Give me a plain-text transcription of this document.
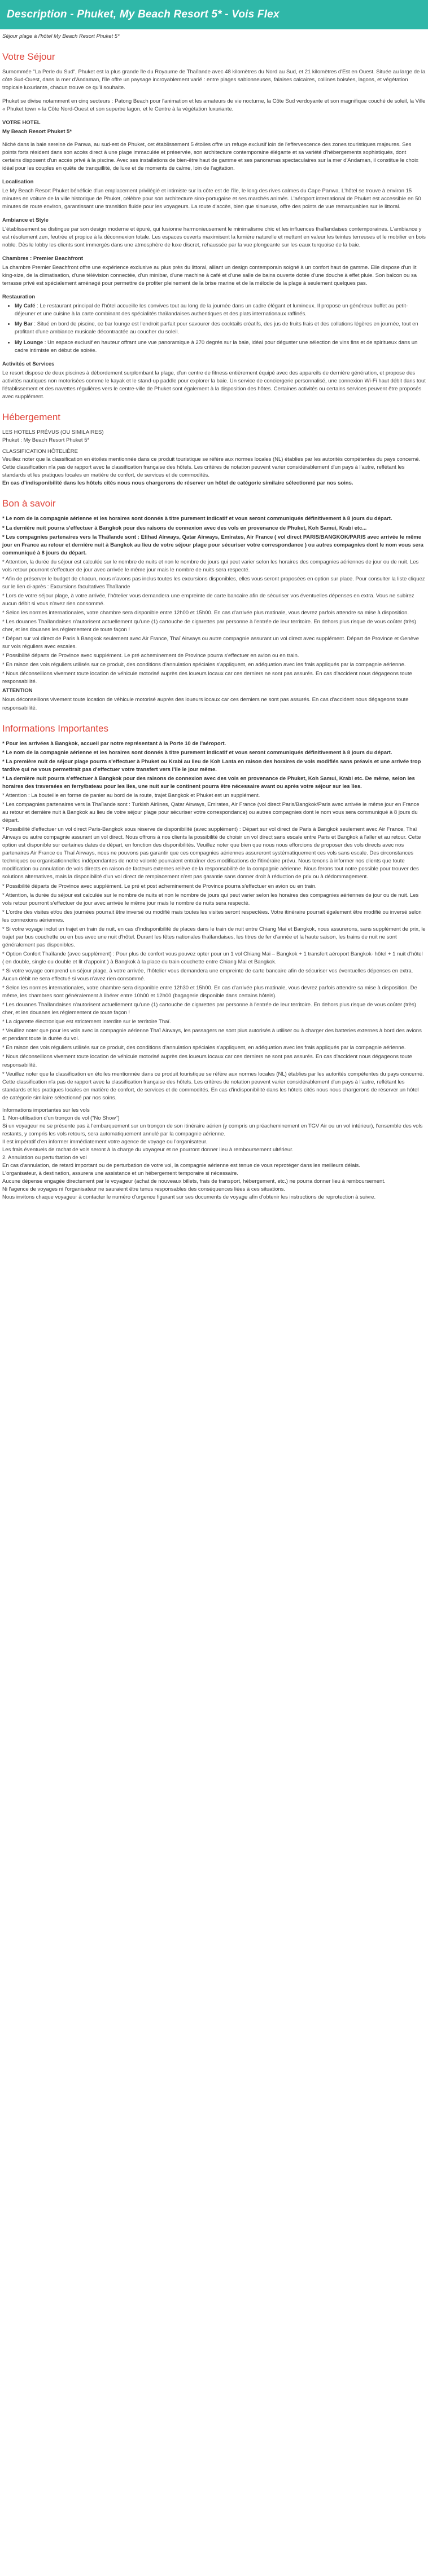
Description - Phuket, My Beach Resort 5* - Vois Flex

Séjour plage à l'hôtel My Beach Resort Phuket 5*

Votre Séjour

Surnommée "La Perle du Sud", Phuket est la plus grande île du Royaume de Thaïlande avec 48 kilomètres du Nord au Sud, et 21 kilomètres d'Est en Ouest. Située au large de la côte Sud-Ouest, dans la mer d'Andaman, l'île offre un paysage incroyablement varié : entre plages sablonneuses, falaises calcaires, collines boisées, lagons, et végétation tropicale luxuriante, chacun trouve ce qu'il souhaite.

Phuket se divise notamment en cinq secteurs : Patong Beach pour l'animation et les amateurs de vie nocturne, la Côte Sud verdoyante et son magnifique couché de soleil, la Ville « Phuket town » la Côte Nord-Ouest et son superbe lagon, et le Centre à la végétation luxuriante.

VOTRE HOTEL
My Beach Resort Phuket 5*

Niché dans la baie sereine de Panwa, au sud-est de Phuket, cet établissement 5 étoiles offre un refuge exclusif loin de l'effervescence des zones touristiques majeures. Ses points forts résident dans son accès direct à une plage immaculée et préservée, son architecture contemporaine élégante et sa variété d'hébergements sophistiqués, dont certains disposent d'un accès privé à la piscine. Avec ses installations de bien-être haut de gamme et ses panoramas spectaculaires sur la mer d'Andaman, il constitue le choix idéal pour les couples en quête de tranquillité, de luxe et de moments de calme, loin de l'agitation.

Localisation

Le My Beach Resort Phuket bénéficie d'un emplacement privilégié et intimiste sur la côte est de l'île, le long des rives calmes du Cape Panwa. L'hôtel se trouve à environ 15 minutes en voiture de la ville historique de Phuket, célèbre pour son architecture sino-portugaise et ses marchés animés. L'aéroport international de Phuket est accessible en 50 minutes de route environ, garantissant une transition fluide pour les voyageurs. La route d'accès, bien que sinueuse, offre des points de vue remarquables sur le littoral.

Ambiance et Style

L'établissement se distingue par son design moderne et épuré, qui fusionne harmonieusement le minimalisme chic et les influences thaïlandaises contemporaines. L'ambiance y est résolument zen, feutrée et propice à la déconnexion totale. Les espaces ouverts maximisent la lumière naturelle et mettent en valeur les teintes terreuses et le mobilier en bois noble. Dès le lobby les clients sont immergés dans une atmosphère de luxe discret, rehaussée par la vue plongeante sur les eaux turquoise de la baie.

Chambres : Premier Beachfront

La chambre Premier Beachfront offre une expérience exclusive au plus près du littoral, alliant un design contemporain soigné à un confort haut de gamme. Elle dispose d'un lit king-size, de la climatisation, d'une télévision connectée, d'un minibar, d'une machine à café et d'une salle de bains ouverte dotée d'une douche à effet pluie. Son balcon ou sa terrasse privé est spécialement aménagé pour permettre de profiter pleinement de la brise marine et de la mélodie de la plage à seulement quelques pas.

Restauration
• My Café : Le restaurant principal de l'hôtel accueille les convives tout au long de la journée dans un cadre élégant et lumineux. Il propose un généreux buffet au petit-déjeuner et une cuisine à la carte combinant des spécialités thaïlandaises authentiques et des plats internationaux raffinés.
• My Bar : Situé en bord de piscine, ce bar lounge est l'endroit parfait pour savourer des cocktails créatifs, des jus de fruits frais et des collations légères en journée, tout en profitant d'une ambiance musicale décontractée au coucher du soleil.
• My Lounge : Un espace exclusif en hauteur offrant une vue panoramique à 270 degrés sur la baie, idéal pour déguster une sélection de vins fins et de spiritueux dans un cadre intimiste en début de soirée.
Activités et Services

Le resort dispose de deux piscines à débordement surplombant la plage, d'un centre de fitness entièrement équipé avec des appareils de dernière génération, et propose des activités nautiques non motorisées comme le kayak et le stand-up paddle pour explorer la baie. Un service de conciergerie personnalisé, une connexion Wi-Fi haut débit dans tout l'établissement et des navettes régulières vers le centre-ville de Phuket sont également à la disposition des hôtes. Certaines activités ou certains services peuvent être proposés avec supplément.

Hébergement
LES HOTELS PRÉVUS (OU SIMILAIRES)
Phuket : My Beach Resort Phuket 5*
CLASSIFICATION HÔTELIÈRE

Veuillez noter que la classification en étoiles mentionnée dans ce produit touristique se réfère aux normes locales (NL) établies par les autorités compétentes du pays concerné. Cette classification n'a pas de rapport avec la classification française des hôtels. Les critères de notation peuvent varier considérablement d'un pays à l'autre, reflétant les standards et les pratiques locales en matière de confort, de services et de commodités.

En cas d'indisponibilité dans les hôtels cités nous nous chargerons de réserver un hôtel de catégorie similaire sélectionné par nos soins.

Bon à savoir
* Le nom de la compagnie aérienne et les horaires sont donnés à titre purement indicatif et vous seront communiqués définitivement à 8 jours du départ.
* La dernière nuit pourra s'effectuer à Bangkok pour des raisons de connexion avec des vols en provenance de Phuket, Koh Samui, Krabi etc...
* Les compagnies partenaires vers la Thaïlande sont : Etihad Airways, Qatar Airways, Emirates, Air France ( vol direct PARIS/BANGKOK/PARIS avec arrivée le même jour en France au retour et dernière nuit à Bangkok au lieu de votre séjour plage pour sécuriser votre correspondance ) ou autres compagnies dont le nom vous sera communiqué à 8 jours du départ.
* Attention, la durée du séjour est calculée sur le nombre de nuits et non le nombre de jours qui peut varier selon les horaires des compagnies aériennes de jour ou de nuit. Les vols retour pourront s'effectuer de jour avec arrivée le même jour mais le nombre de nuits sera respecté.
* Afin de préserver le budget de chacun, nous n'avons pas inclus toutes les excursions disponibles, elles vous seront proposées en option sur place. Pour consulter la liste cliquez sur le lien ci-après : Excursions facultatives Thaïlande
* Lors de votre séjour plage, à votre arrivée, l'hôtelier vous demandera une empreinte de carte bancaire afin de sécuriser vos éventuelles dépenses en extra. Vous ne subirez aucun débit si vous n'avez rien consommé.
* Selon les normes internationales, votre chambre sera disponible entre 12h00 et 15h00. En cas d'arrivée plus matinale, vous devrez parfois attendre sa mise à disposition.
* Les douanes Thaïlandaises n'autorisent actuellement qu'une (1) cartouche de cigarettes par personne à l'entrée de leur territoire. En dehors plus risque de vous coûter (très) cher, et les douanes les réglementent de toute façon !
* Départ sur vol direct de Paris à Bangkok seulement avec Air France, Thaï Airways ou autre compagnie assurant un vol direct avec supplément. Départ de Province et Genève sur vols réguliers avec escales.
* Possibilité départs de Province avec supplément. Le pré acheminement de Province pourra s'effectuer en avion ou en train.
* En raison des vols réguliers utilisés sur ce produit, des conditions d'annulation spéciales s'appliquent, en adéquation avec les frais appliqués par la compagnie aérienne.
* Nous déconseillons vivement toute location de véhicule motorisé auprès des loueurs locaux car ces derniers ne sont pas assurés. En cas d'accident nous dégageons toute responsabilité.
ATTENTION
Nous déconseillons vivement toute location de véhicule motorisé auprès des loueurs locaux car ces derniers ne sont pas assurés. En cas d'accident nous dégageons toute responsabilité.
Informations Importantes
* Pour les arrivées à Bangkok, accueil par notre représentant à la Porte 10 de l'aéroport.
* Le nom de la compagnie aérienne et les horaires sont donnés à titre purement indicatif et vous seront communiqués définitivement à 8 jours du départ.
* La première nuit de séjour plage pourra s'effectuer à Phuket ou Krabi au lieu de Koh Lanta en raison des horaires de vols modifiés sans préavis et une arrivée trop tardive qui ne vous permettrait pas d'effectuer votre transfert vers l'île le jour même.
* La dernière nuit pourra s'effectuer à Bangkok pour des raisons de connexion avec des vols en provenance de Phuket, Koh Samui, Krabi etc. De même, selon les horaires des traversées en ferry/bateau pour les îles, une nuit sur le continent pourra être nécessaire avant ou après votre séjour sur les îles.
* Attention : La bouteille en forme de panier au bord de la route, trajet Bangkok et Phuket est un supplément.
* Les compagnies partenaires vers la Thaïlande sont : Turkish Airlines, Qatar Airways, Emirates, Air France (vol direct Paris/Bangkok/Paris avec arrivée le même jour en France au retour et dernière nuit à Bangkok au lieu de votre séjour plage pour sécuriser votre correspondance) ou autres compagnies dont le nom vous sera communiqué à 8 jours du départ.
* Possibilité d'effectuer un vol direct Paris-Bangkok sous réserve de disponibilité (avec supplément) : Départ sur vol direct de Paris à Bangkok seulement avec Air France, Thaï Airways ou autre compagnie assurant un vol direct. Nous offrons à nos clients la possibilité de choisir un vol direct sans escale entre Paris et Bangkok à l'aller et au retour. Cette option est disponible sur certaines dates de départ, en fonction des disponibilités. Veuillez noter que bien que nous nous efforcions de proposer des vols directs avec nos partenaires Air France ou Thaï Airways, nous ne pouvons pas garantir que ces compagnies aériennes assureront systématiquement ces vols sans escale. Des circonstances techniques ou organisationnelles indépendantes de notre volonté pourraient entraîner des modifications de l'itinéraire prévu. Nous tenons à informer nos clients que toute modification ou annulation de vols directs en raison de facteurs externes relève de la responsabilité de la compagnie aérienne. Nous ferons tout notre possible pour trouver des solutions alternatives, mais la disponibilité d'un vol direct de remplacement n'est pas garantie sans donner droit à réduction de prix ou à dédommagement.
* Possibilité départs de Province avec supplément. Le pré et post acheminement de Province pourra s'effectuer en avion ou en train.
* Attention, la durée du séjour est calculée sur le nombre de nuits et non le nombre de jours qui peut varier selon les horaires des compagnies aériennes de jour ou de nuit. Les vols retour pourront s'effectuer de jour avec arrivée le même jour mais le nombre de nuits sera respecté.
* L'ordre des visites et/ou des journées pourrait être inversé ou modifié mais toutes les visites seront respectées. Votre itinéraire pourrait également être modifié ou inversé selon les connexions aériennes.
* Si votre voyage inclut un trajet en train de nuit, en cas d'indisponibilité de places dans le train de nuit entre Chiang Mai et Bangkok, nous assurerons, sans supplément de prix, le trajet par bus couchette ou en bus avec une nuit d'hôtel. Durant les fêtes nationales thaïlandaises, les titres de fer d'année et la haute saison, les trains de nuit ne sont généralement pas disponibles.
* Option Confort Thaïlande (avec supplément) : Pour plus de confort vous pouvez opter pour un 1 vol Chiang Mai – Bangkok + 1 transfert aéroport Bangkok- hôtel + 1 nuit d'hôtel ( en double, single ou double et lit d'appoint ) à Bangkok à la place du train couchette entre Chiang Mai et Bangkok.
* Si votre voyage comprend un séjour plage, à votre arrivée, l'hôtelier vous demandera une empreinte de carte bancaire afin de sécuriser vos éventuelles dépenses en extra. Aucun débit ne sera effectué si vous n'avez rien consommé.
* Selon les normes internationales, votre chambre sera disponible entre 12h30 et 15h00. En cas d'arrivée plus matinale, vous devrez parfois attendre sa mise à disposition. De même, les chambres sont généralement à libérer entre 10h00 et 12h00 (bagagerie disponible dans certains hôtels).
* Les douanes Thaïlandaises n'autorisent actuellement qu'une (1) cartouche de cigarettes par personne à l'entrée de leur territoire. En dehors plus risque de vous coûter (très) cher, et les douanes les réglementent de toute façon !
* La cigarette électronique est strictement interdite sur le territoire Thaï.
* Veuillez noter que pour les vols avec la compagnie aérienne Thaï Airways, les passagers ne sont plus autorisés à utiliser ou à charger des batteries externes à bord des avions et pendant toute la durée du vol.
* En raison des vols réguliers utilisés sur ce produit, des conditions d'annulation spéciales s'appliquent, en adéquation avec les frais appliqués par la compagnie aérienne.
* Nous déconseillons vivement toute location de véhicule motorisé auprès des loueurs locaux car ces derniers ne sont pas assurés. En cas d'accident nous dégageons toute responsabilité.
* Veuillez noter que la classification en étoiles mentionnée dans ce produit touristique se réfère aux normes locales (NL) établies par les autorités compétentes du pays concerné. Cette classification n'a pas de rapport avec la classification française des hôtels. Les critères de notation peuvent varier considérablement d'un pays à l'autre, reflétant les standards et les pratiques locales en matière de confort, de services et de commodités. En cas d'indisponibilité dans les hôtels cités nous nous chargerons de réserver un hôtel de catégorie similaire sélectionné par nos soins.
Informations importantes sur les vols
1. Non-utilisation d'un tronçon de vol ("No Show")
Si un voyageur ne se présente pas à l'embarquement sur un tronçon de son itinéraire aérien (y compris un préacheminement en TGV Air ou un vol intérieur), l'ensemble des vols restants, y compris les vols retours, sera automatiquement annulé par la compagnie aérienne.
Il est impératif d'en informer immédiatement votre agence de voyage ou l'organisateur.
Les frais éventuels de rachat de vols seront à la charge du voyageur et ne pourront donner lieu à remboursement ultérieur.
2. Annulation ou perturbation de vol
En cas d'annulation, de retard important ou de perturbation de votre vol, la compagnie aérienne est tenue de vous reprotéger dans les meilleurs délais.
L'organisateur, à destination, assurera une assistance et un hébergement temporaire si nécessaire.
Aucune dépense engagée directement par le voyageur (achat de nouveaux billets, frais de transport, hébergement, etc.) ne pourra donner lieu à remboursement.
Ni l'agence de voyages ni l'organisateur ne sauraient être tenus responsables des conséquences liées à ces situations.
Nous invitons chaque voyageur à contacter le numéro d'urgence figurant sur ses documents de voyage afin d'obtenir les instructions de reprotection à suivre.
